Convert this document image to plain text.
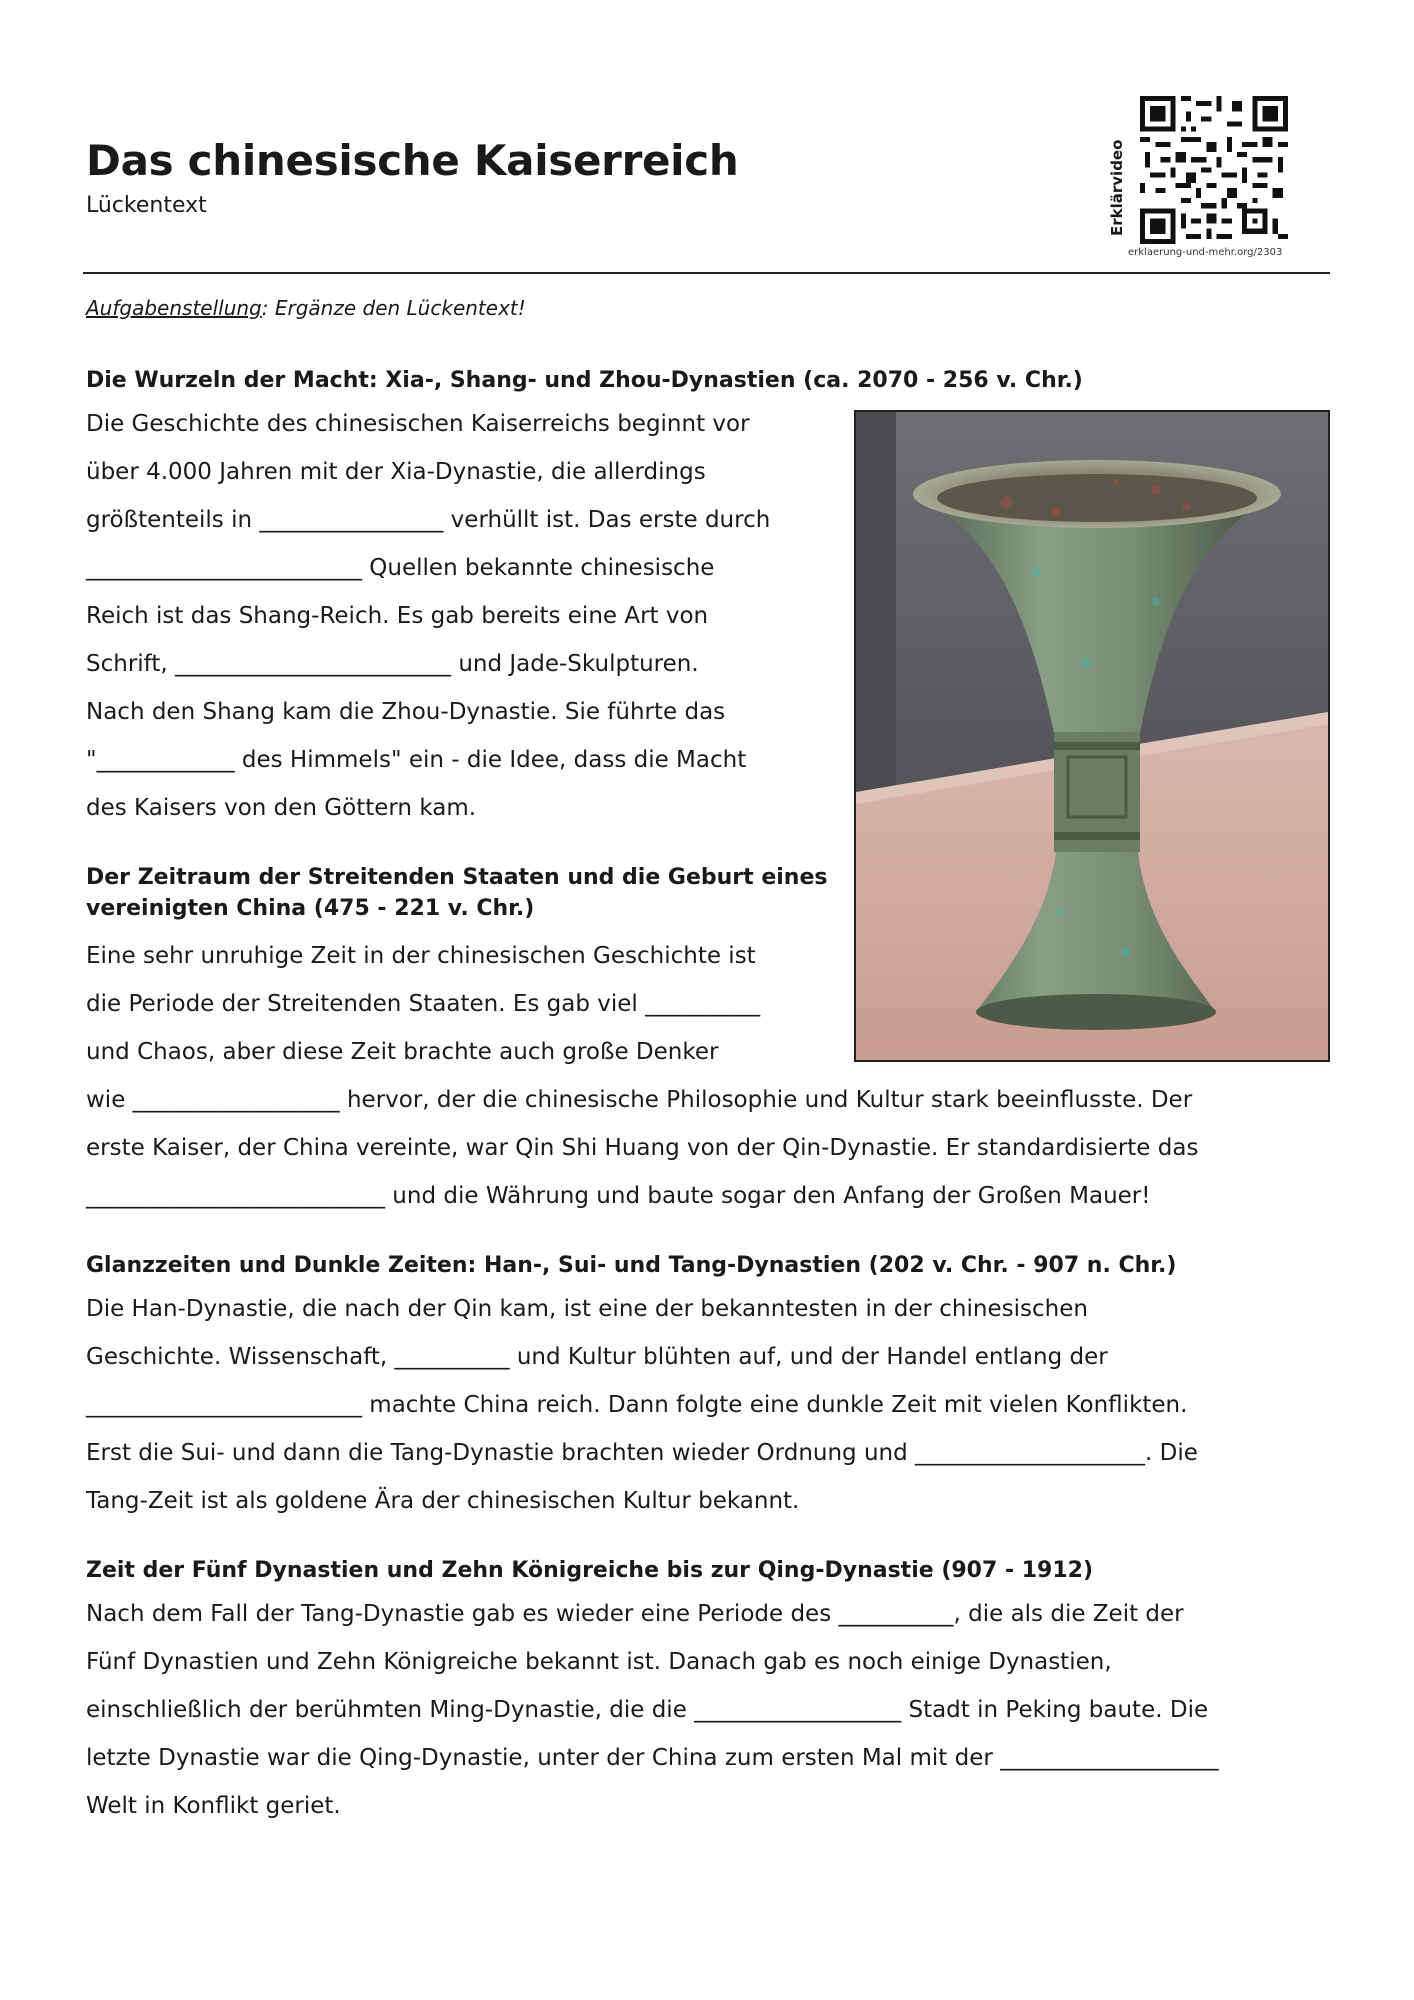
Das chinesische Kaiserreich
Lückentext	Erklärvideo
erklaerung-und-mehr.org/2303
Aufgabenstellung: Ergänze den Lückentext!
Die Wurzeln der Macht: Xia-, Shang- und Zhou-Dynastien (ca. 2070 - 256 v. Chr.)
Die Geschichte des chinesischen Kaiserreichs beginnt vor
über 4.000 Jahren mit der Xia-Dynastie, die allerdings
größtenteils in ________________ verhüllt ist. Das erste durch
________________________ Quellen bekannte chinesische
Reich ist das Shang-Reich. Es gab bereits eine Art von
Schrift, ________________________ und Jade-Skulpturen.
Nach den Shang kam die Zhou-Dynastie. Sie führte das
"____________ des Himmels" ein - die Idee, dass die Macht
des Kaisers von den Göttern kam.
Der Zeitraum der Streitenden Staaten und die Geburt eines
vereinigten China (475 - 221 v. Chr.)
Eine sehr unruhige Zeit in der chinesischen Geschichte ist
die Periode der Streitenden Staaten. Es gab viel __________
und Chaos, aber diese Zeit brachte auch große Denker
wie __________________ hervor, der die chinesische Philosophie und Kultur stark beeinflusste. Der
erste Kaiser, der China vereinte, war Qin Shi Huang von der Qin-Dynastie. Er standardisierte das
__________________________ und die Währung und baute sogar den Anfang der Großen Mauer!
Glanzzeiten und Dunkle Zeiten: Han-, Sui- und Tang-Dynastien (202 v. Chr. - 907 n. Chr.)
Die Han-Dynastie, die nach der Qin kam, ist eine der bekanntesten in der chinesischen
Geschichte. Wissenschaft, __________ und Kultur blühten auf, und der Handel entlang der
________________________ machte China reich. Dann folgte eine dunkle Zeit mit vielen Konflikten.
Erst die Sui- und dann die Tang-Dynastie brachten wieder Ordnung und ____________________. Die
Tang-Zeit ist als goldene Ära der chinesischen Kultur bekannt.
Zeit der Fünf Dynastien und Zehn Königreiche bis zur Qing-Dynastie (907 - 1912)
Nach dem Fall der Tang-Dynastie gab es wieder eine Periode des __________, die als die Zeit der
Fünf Dynastien und Zehn Königreiche bekannt ist. Danach gab es noch einige Dynastien,
einschließlich der berühmten Ming-Dynastie, die die __________________ Stadt in Peking baute. Die
letzte Dynastie war die Qing-Dynastie, unter der China zum ersten Mal mit der ___________________
Welt in Konflikt geriet.
